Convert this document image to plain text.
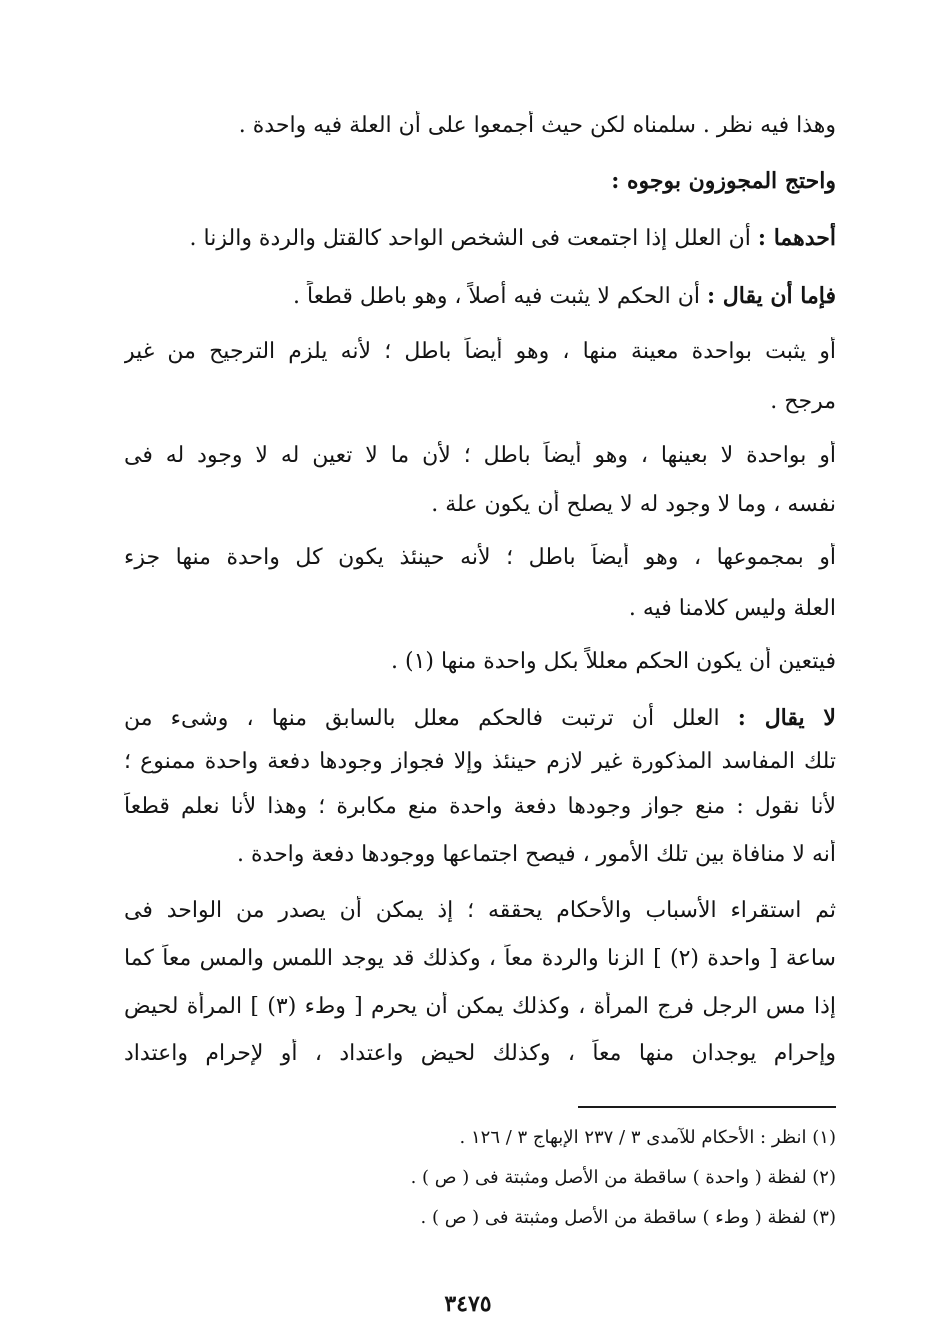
وهذا فيه نظر . سلمناه لكن حيث أجمعوا على أن العلة فيه واحدة .
واحتج المجوزون بوجوه :
أحدهما : أن العلل إذا اجتمعت فى الشخص الواحد كالقتل والردة والزنا .
فإما أن يقال : أن الحكم لا يثبت فيه أصلاً ، وهو باطل قطعاً .
أو يثبت بواحدة معينة منها ، وهو أيضاً باطل ؛ لأنه يلزم الترجيح من غير
مرجح .
أو بواحدة لا بعينها ، وهو أيضاً باطل ؛ لأن ما لا تعين له لا وجود له فى
نفسه ، وما لا وجود له لا يصلح أن يكون علة .
أو بمجموعها ، وهو أيضاً باطل ؛ لأنه حينئذ يكون كل واحدة منها جزء
العلة وليس كلامنا فيه .
فيتعين أن يكون الحكم معللاً بكل واحدة منها (١) .
لا يقال : العلل أن ترتبت فالحكم معلل بالسابق منها ، وشىء من
تلك المفاسد المذكورة غير لازم حينئذ وإلا فجواز وجودها دفعة واحدة ممنوع ؛
لأنا نقول : منع جواز وجودها دفعة واحدة منع مكابرة ؛ وهذا لأنا نعلم قطعاً
أنه لا منافاة بين تلك الأمور ، فيصح اجتماعها ووجودها دفعة واحدة .
ثم استقراء الأسباب والأحكام يحققه ؛ إذ يمكن أن يصدر من الواحد فى
ساعة [ واحدة (٢) ] الزنا والردة معاً ، وكذلك قد يوجد اللمس والمس معاً كما
إذا مس الرجل فرج المرأة ، وكذلك يمكن أن يحرم [ وطء (٣) ] المرأة لحيض
وإحرام يوجدان منها معاً ، وكذلك لحيض واعتداد ، أو لإحرام واعتداد
(١) انظر : الأحكام للآمدى ٣ / ٢٣٧ الإبهاج ٣ / ١٢٦ .
(٢) لفظة ( واحدة ) ساقطة من الأصل ومثبتة فى ( ص ) .
(٣) لفظة ( وطء ) ساقطة من الأصل ومثبتة فى ( ص ) .
٣٤٧٥
